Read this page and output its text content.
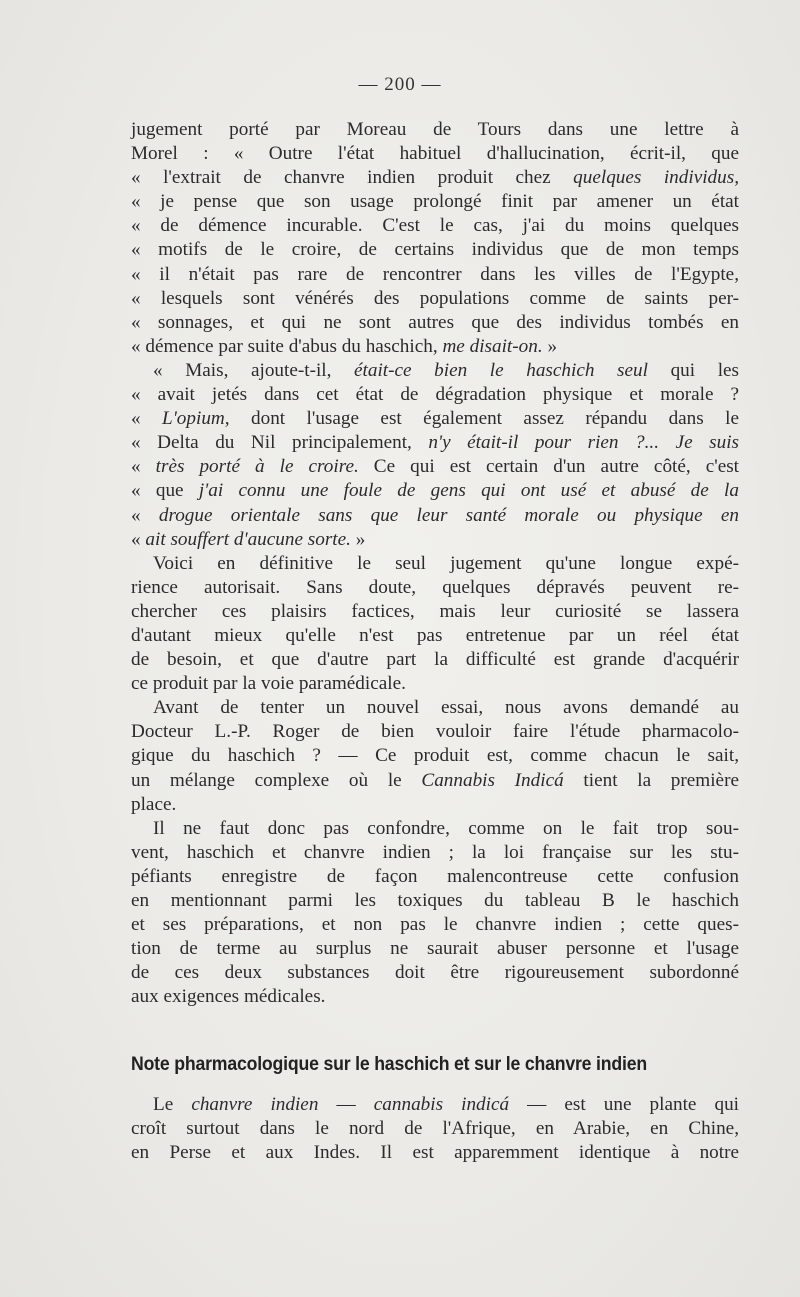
— 200 —
jugement porté par Moreau de Tours dans une lettre à
Morel : « Outre l'état habituel d'hallucination, écrit-il, que
« l'extrait de chanvre indien produit chez quelques individus,
« je pense que son usage prolongé finit par amener un état
« de démence incurable. C'est le cas, j'ai du moins quelques
« motifs de le croire, de certains individus que de mon temps
« il n'était pas rare de rencontrer dans les villes de l'Egypte,
« lesquels sont vénérés des populations comme de saints per-
« sonnages, et qui ne sont autres que des individus tombés en
« démence par suite d'abus du haschich, me disait-on. »
« Mais, ajoute-t-il, était-ce bien le haschich seul qui les
« avait jetés dans cet état de dégradation physique et morale ?
« L'opium, dont l'usage est également assez répandu dans le
« Delta du Nil principalement, n'y était-il pour rien ?... Je suis
« très porté à le croire. Ce qui est certain d'un autre côté, c'est
« que j'ai connu une foule de gens qui ont usé et abusé de la
« drogue orientale sans que leur santé morale ou physique en
« ait souffert d'aucune sorte. »
Voici en définitive le seul jugement qu'une longue expé-
rience autorisait. Sans doute, quelques dépravés peuvent re-
chercher ces plaisirs factices, mais leur curiosité se lassera
d'autant mieux qu'elle n'est pas entretenue par un réel état
de besoin, et que d'autre part la difficulté est grande d'acquérir
ce produit par la voie paramédicale.
Avant de tenter un nouvel essai, nous avons demandé au
Docteur L.-P. Roger de bien vouloir faire l'étude pharmacolo-
gique du haschich ? — Ce produit est, comme chacun le sait,
un mélange complexe où le Cannabis Indicá tient la première
place.
Il ne faut donc pas confondre, comme on le fait trop sou-
vent, haschich et chanvre indien ; la loi française sur les stu-
péfiants enregistre de façon malencontreuse cette confusion
en mentionnant parmi les toxiques du tableau B le haschich
et ses préparations, et non pas le chanvre indien ; cette ques-
tion de terme au surplus ne saurait abuser personne et l'usage
de ces deux substances doit être rigoureusement subordonné
aux exigences médicales.
Note pharmacologique sur le haschich et sur le chanvre indien
Le chanvre indien — cannabis indicá — est une plante qui
croît surtout dans le nord de l'Afrique, en Arabie, en Chine,
en Perse et aux Indes. Il est apparemment identique à notre
